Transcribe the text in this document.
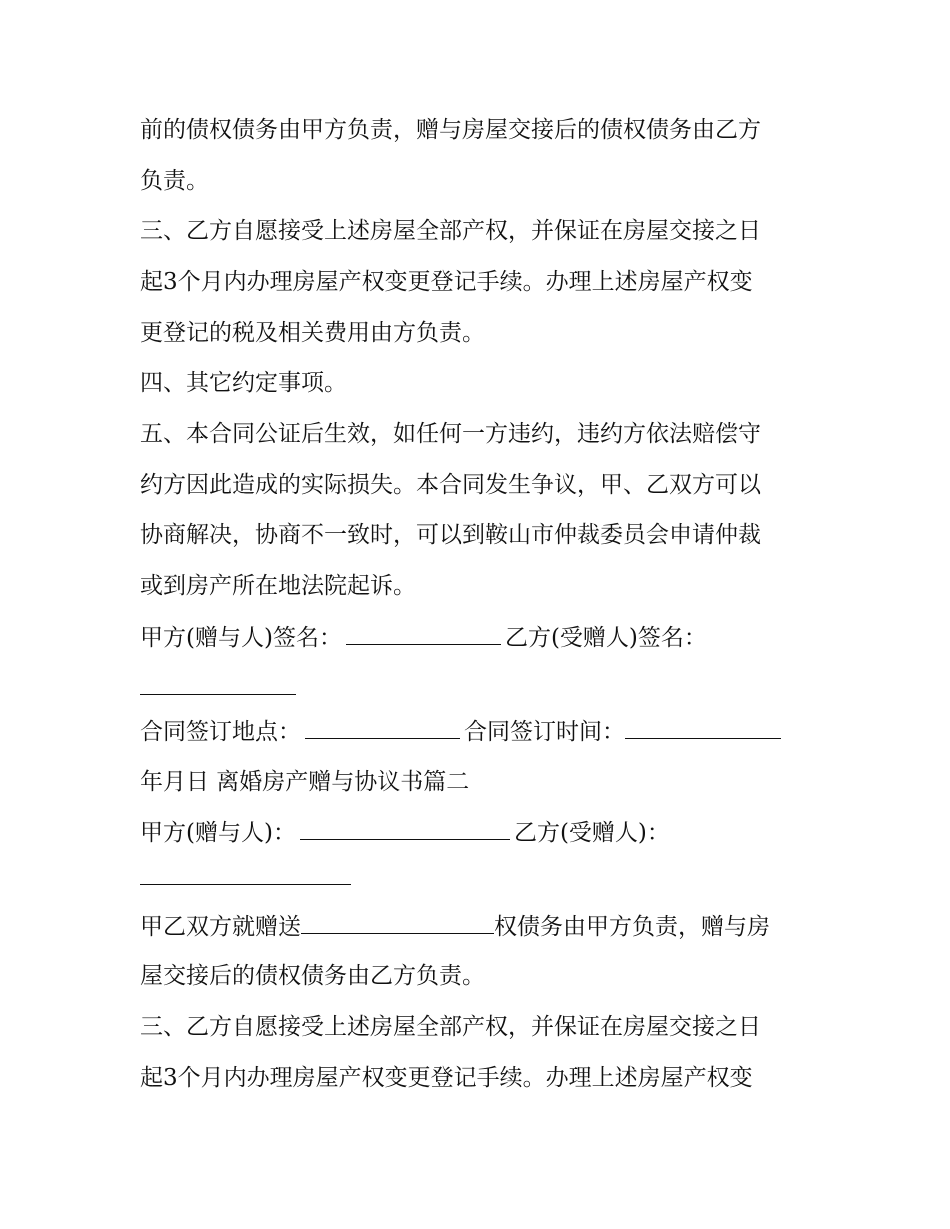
前的债权债务由甲方负责，赠与房屋交接后的债权债务由乙方
负责。
三、乙方自愿接受上述房屋全部产权，并保证在房屋交接之日
起3个月内办理房屋产权变更登记手续。办理上述房屋产权变
更登记的税及相关费用由方负责。
四、其它约定事项。
五、本合同公证后生效，如任何一方违约，违约方依法赔偿守
约方因此造成的实际损失。本合同发生争议，甲、乙双方可以
协商解决，协商不一致时，可以到鞍山市仲裁委员会申请仲裁
或到房产所在地法院起诉。
甲方(赠与人)签名：	乙方(受赠人)签名：
合同签订地点：	合同签订时间：
年月日 离婚房产赠与协议书篇二
甲方(赠与人)：	乙方(受赠人)：
甲乙双方就赠送	权债务由甲方负责，赠与房
屋交接后的债权债务由乙方负责。
三、乙方自愿接受上述房屋全部产权，并保证在房屋交接之日
起3个月内办理房屋产权变更登记手续。办理上述房屋产权变
